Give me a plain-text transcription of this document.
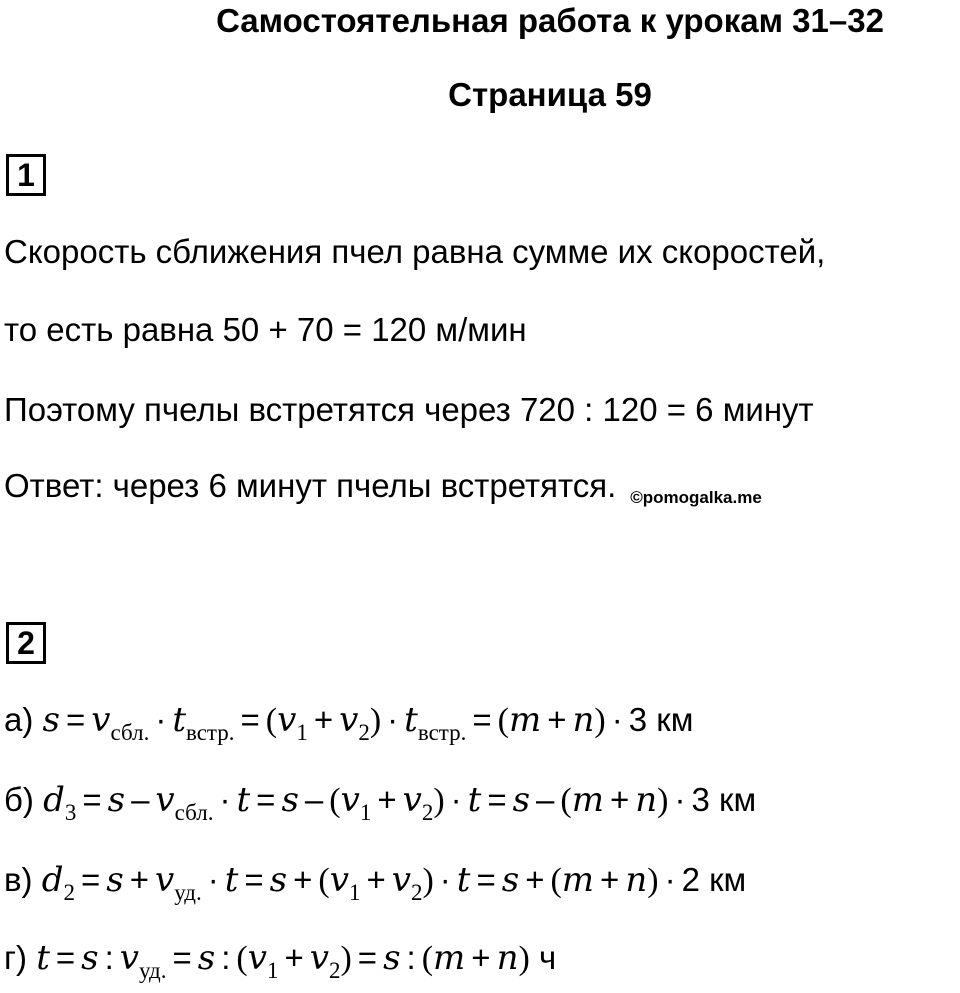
Самостоятельная работа к урокам 31–32
Страница 59
1
Скорость сближения пчел равна сумме их скоростей,
то есть равна 50 + 70 = 120 м/мин
Поэтому пчелы встретятся через 720 : 120 = 6 минут
Ответ: через 6 минут пчелы встретятся. ©pomogalka.me
2
а) $s = v_{сбл.} \cdot t_{встр.} = (v_1 + v_2) \cdot t_{встр.} = (m + n) \cdot 3$ км
б) $d_3 = s - v_{сбл.} \cdot t = s - (v_1 + v_2) \cdot t = s - (m + n) \cdot 3$ км
в) $d_2 = s + v_{уд.} \cdot t = s + (v_1 + v_2) \cdot t = s + (m + n) \cdot 2$ км
г) t = s : $v_{уд.} = s$ : $(v_1 + v_2) = s$ : (m + n) ч
